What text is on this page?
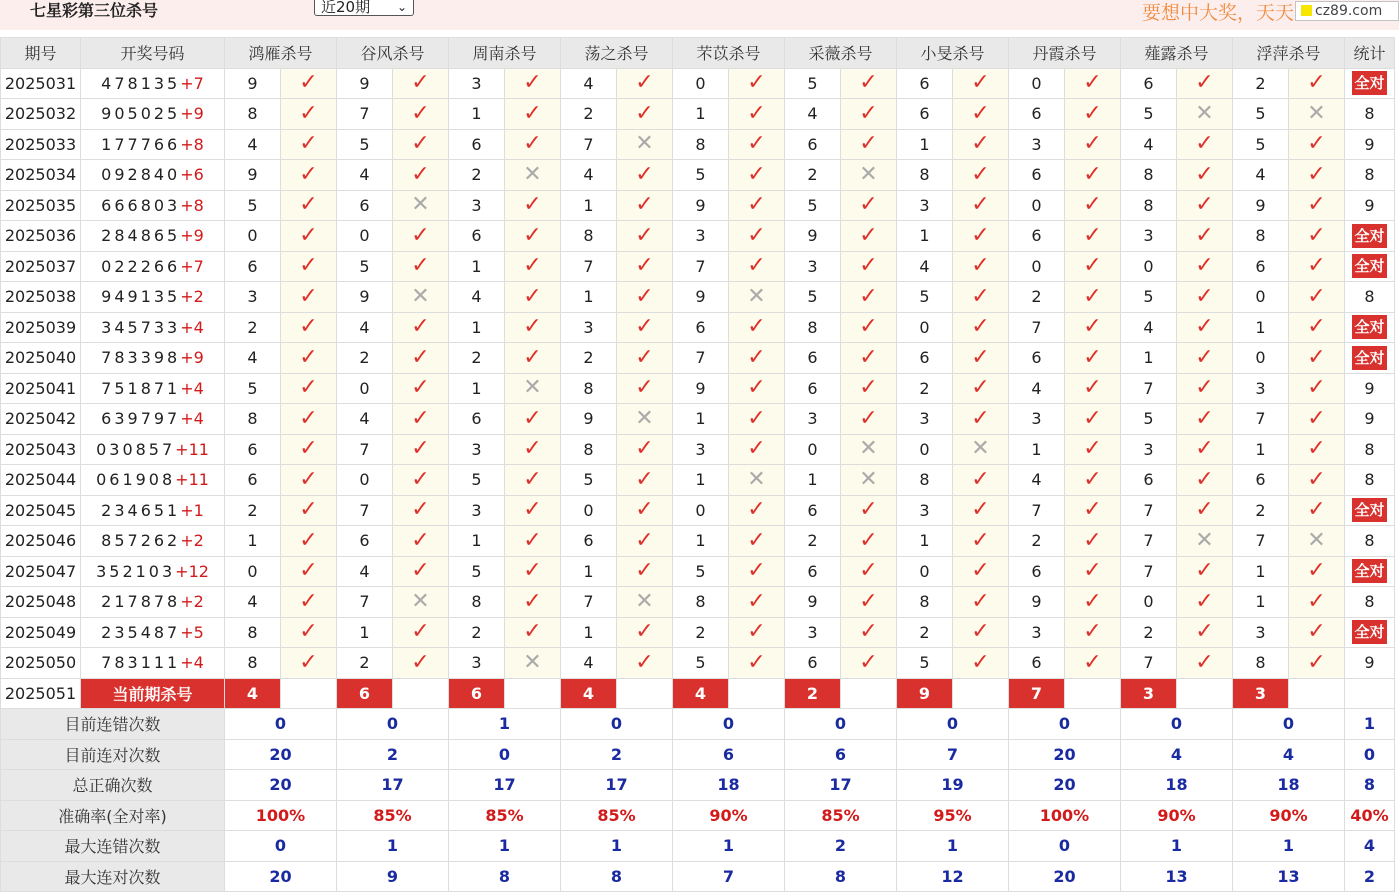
七星彩第三位杀号	近20期 ⌄	要想中大奖，天天	cz89.com
期号	开奖号码	鸿雁杀号		谷风杀号		周南杀号		荡之杀号		芣苡杀号		采薇杀号		小旻杀号		丹霞杀号		薤露杀号		浮萍杀号		统计
2025031	478135+7	9	✓	9	✓	3	✓	4	✓	0	✓	5	✓	6	✓	0	✓	6	✓	2	✓	全对
2025032	905025+9	8	✓	7	✓	1	✓	2	✓	1	✓	4	✓	6	✓	6	✓	5	✕	5	✕	8
2025033	177766+8	4	✓	5	✓	6	✓	7	✕	8	✓	6	✓	1	✓	3	✓	4	✓	5	✓	9
2025034	092840+6	9	✓	4	✓	2	✕	4	✓	5	✓	2	✕	8	✓	6	✓	8	✓	4	✓	8
2025035	666803+8	5	✓	6	✕	3	✓	1	✓	9	✓	5	✓	3	✓	0	✓	8	✓	9	✓	9
2025036	284865+9	0	✓	0	✓	6	✓	8	✓	3	✓	9	✓	1	✓	6	✓	3	✓	8	✓	全对
2025037	022266+7	6	✓	5	✓	1	✓	7	✓	7	✓	3	✓	4	✓	0	✓	0	✓	6	✓	全对
2025038	949135+2	3	✓	9	✕	4	✓	1	✓	9	✕	5	✓	5	✓	2	✓	5	✓	0	✓	8
2025039	345733+4	2	✓	4	✓	1	✓	3	✓	6	✓	8	✓	0	✓	7	✓	4	✓	1	✓	全对
2025040	783398+9	4	✓	2	✓	2	✓	2	✓	7	✓	6	✓	6	✓	6	✓	1	✓	0	✓	全对
2025041	751871+4	5	✓	0	✓	1	✕	8	✓	9	✓	6	✓	2	✓	4	✓	7	✓	3	✓	9
2025042	639797+4	8	✓	4	✓	6	✓	9	✕	1	✓	3	✓	3	✓	3	✓	5	✓	7	✓	9
2025043	030857+11	6	✓	7	✓	3	✓	8	✓	3	✓	0	✕	0	✕	1	✓	3	✓	1	✓	8
2025044	061908+11	6	✓	0	✓	5	✓	5	✓	1	✕	1	✕	8	✓	4	✓	6	✓	6	✓	8
2025045	234651+1	2	✓	7	✓	3	✓	0	✓	0	✓	6	✓	3	✓	7	✓	7	✓	2	✓	全对
2025046	857262+2	1	✓	6	✓	1	✓	6	✓	1	✓	2	✓	1	✓	2	✓	7	✕	7	✕	8
2025047	352103+12	0	✓	4	✓	5	✓	1	✓	5	✓	6	✓	0	✓	6	✓	7	✓	1	✓	全对
2025048	217878+2	4	✓	7	✕	8	✓	7	✕	8	✓	9	✓	8	✓	9	✓	0	✓	1	✓	8
2025049	235487+5	8	✓	1	✓	2	✓	1	✓	2	✓	3	✓	2	✓	3	✓	2	✓	3	✓	全对
2025050	783111+4	8	✓	2	✓	3	✕	4	✓	5	✓	6	✓	5	✓	6	✓	7	✓	8	✓	9
2025051	当前期杀号	4		6		6		4		4		2		9		7		3		3		
目前连错次数		0		0		1		0		0		0		0		0		0		0		1
目前连对次数		20		2		0		2		6		6		7		20		4		4		0
总正确次数		20		17		17		17		18		17		19		20		18		18		8
准确率(全对率)		100%		85%		85%		85%		90%		85%		95%		100%		90%		90%		40%
最大连错次数		0		1		1		1		1		2		1		0		1		1		4
最大连对次数		20		9		8		8		7		8		12		20		13		13		2
